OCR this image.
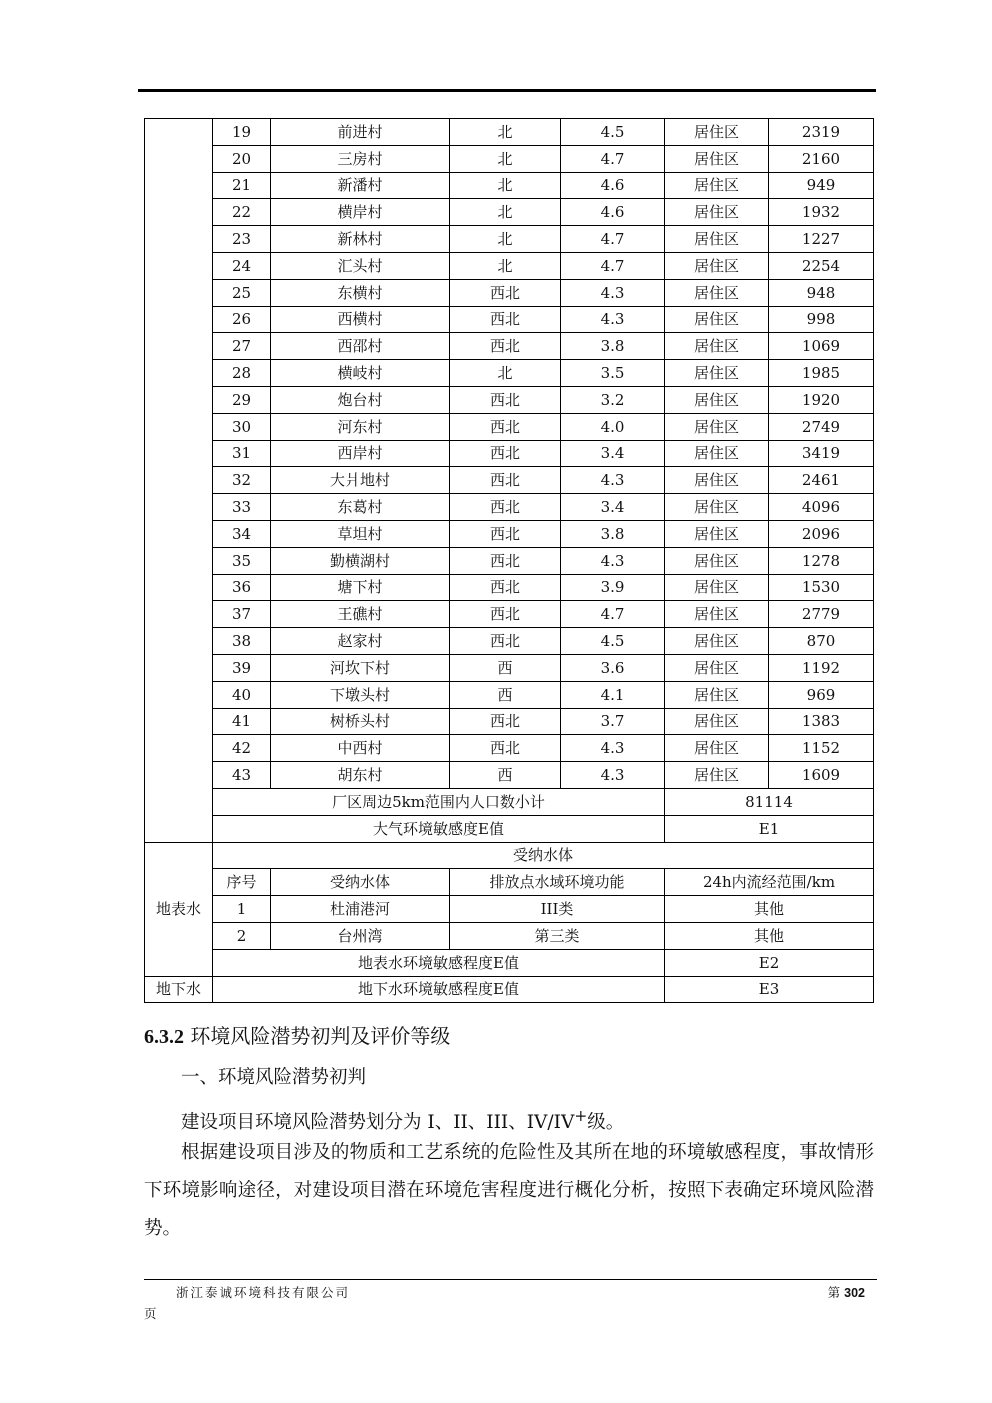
	19	前进村	北	4.5	居住区	2319
	20	三房村	北	4.7	居住区	2160
	21	新潘村	北	4.6	居住区	949
	22	横岸村	北	4.6	居住区	1932
	23	新林村	北	4.7	居住区	1227
	24	汇头村	北	4.7	居住区	2254
	25	东横村	西北	4.3	居住区	948
	26	西横村	西北	4.3	居住区	998
	27	西邵村	西北	3.8	居住区	1069
	28	横岐村	北	3.5	居住区	1985
	29	炮台村	西北	3.2	居住区	1920
	30	河东村	西北	4.0	居住区	2749
	31	西岸村	西北	3.4	居住区	3419
	32	大爿地村	西北	4.3	居住区	2461
	33	东葛村	西北	3.4	居住区	4096
	34	草坦村	西北	3.8	居住区	2096
	35	勤横湖村	西北	4.3	居住区	1278
	36	塘下村	西北	3.9	居住区	1530
	37	王礁村	西北	4.7	居住区	2779
	38	赵家村	西北	4.5	居住区	870
	39	河坎下村	西	3.6	居住区	1192
	40	下墩头村	西	4.1	居住区	969
	41	树桥头村	西北	3.7	居住区	1383
	42	中西村	西北	4.3	居住区	1152
	43	胡东村	西	4.3	居住区	1609
	厂区周边5km范围内人口数小计				81114	
	大气环境敏感度E值				E1	
地表水	受纳水体					
	序号	受纳水体	排放点水域环境功能		24h内流经范围/km	
	1	杜浦港河	III类		其他	
	2	台州湾	第三类		其他	
	地表水环境敏感程度E值				E2	
地下水	地下水环境敏感程度E值				E3	
6.3.2 环境风险潜势初判及评价等级
一、环境风险潜势初判
建设项目环境风险潜势划分为 I、II、III、IV/IV+级。
根据建设项目涉及的物质和工艺系统的危险性及其所在地的环境敏感程度，事故情形下环境影响途径，对建设项目潜在环境危害程度进行概化分析，按照下表确定环境风险潜势。
浙江泰诚环境科技有限公司	第 302
页
